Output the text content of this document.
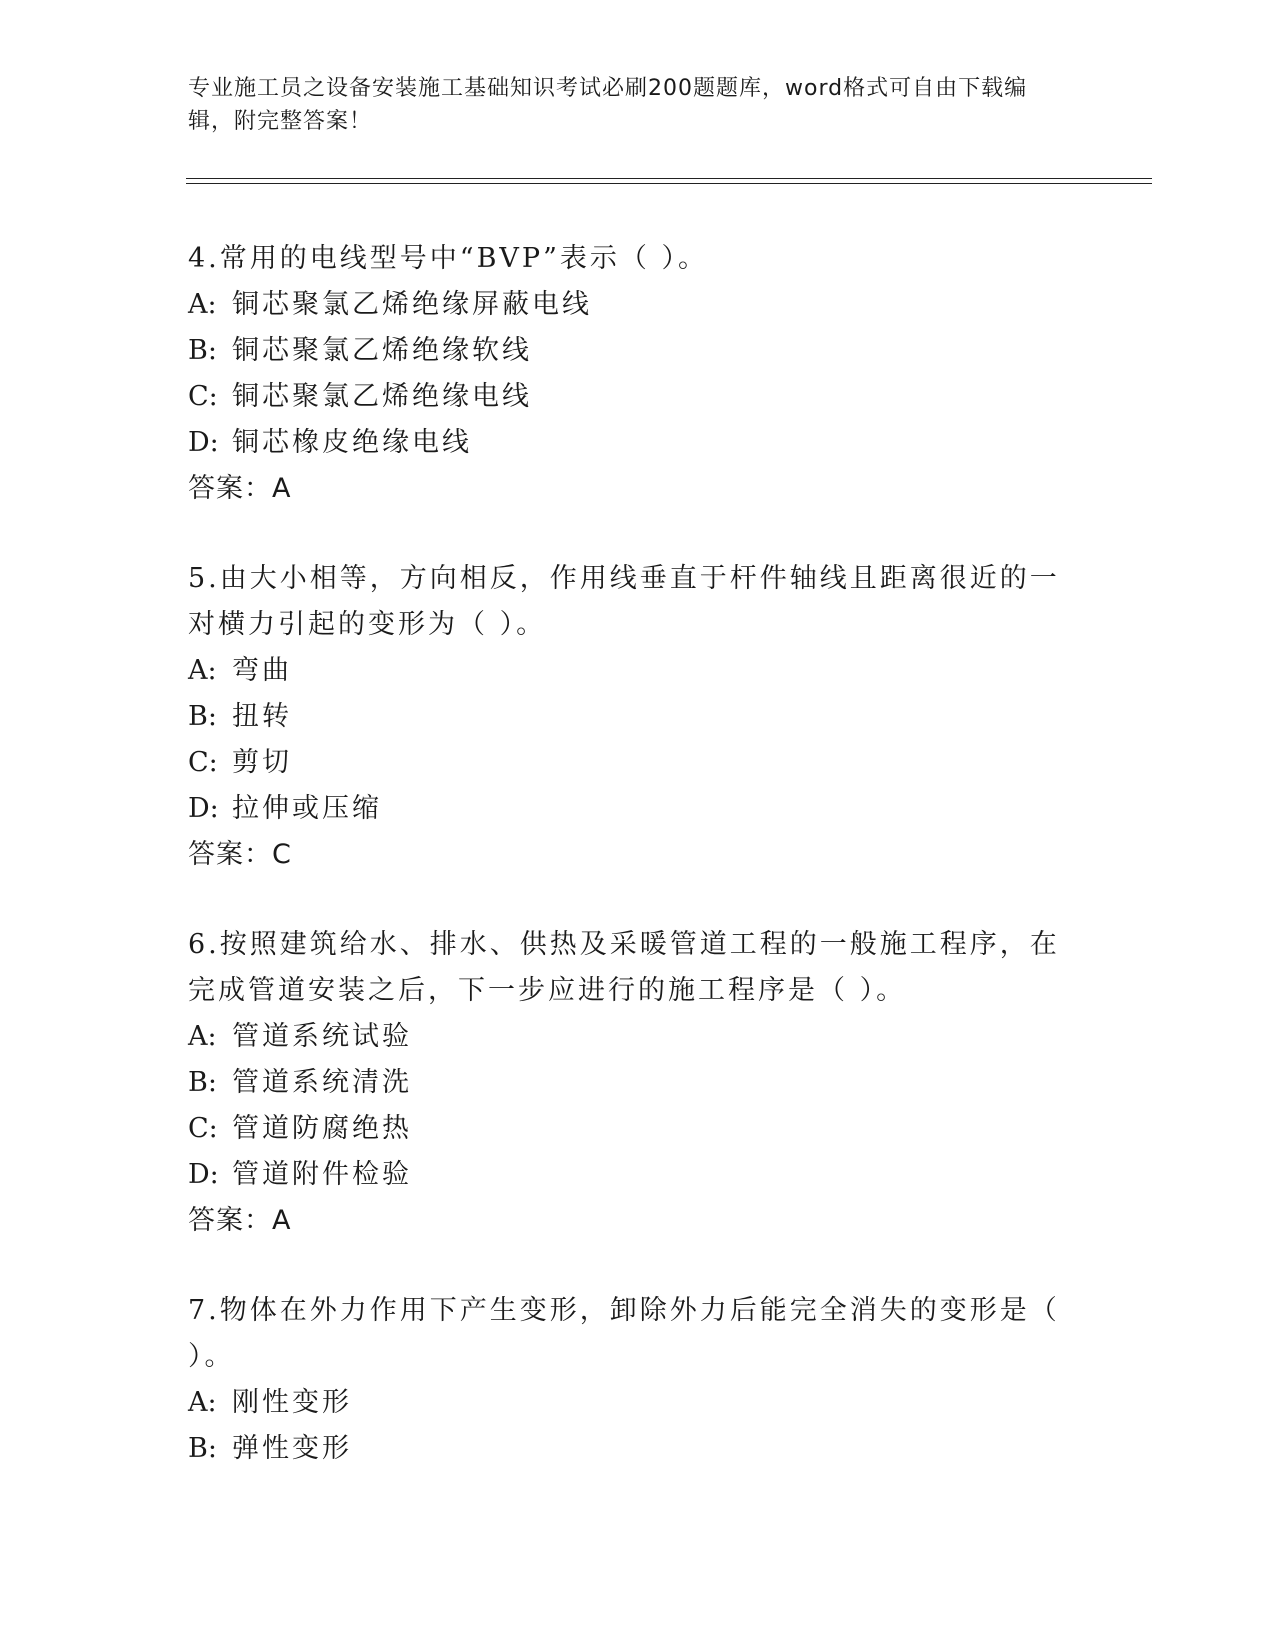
专业施工员之设备安装施工基础知识考试必刷200题题库，word格式可自由下载编辑，附完整答案！

4.常用的电线型号中“BVP”表示（ ）。

A: 铜芯聚氯乙烯绝缘屏蔽电线

B: 铜芯聚氯乙烯绝缘软线

C: 铜芯聚氯乙烯绝缘电线

D: 铜芯橡皮绝缘电线

答案：A

5.由大小相等，方向相反，作用线垂直于杆件轴线且距离很近的一对横力引起的变形为（ ）。

A: 弯曲

B: 扭转

C: 剪切

D: 拉伸或压缩

答案：C

6.按照建筑给水、排水、供热及采暖管道工程的一般施工程序，在完成管道安装之后，下一步应进行的施工程序是（ ）。

A: 管道系统试验

B: 管道系统清洗

C: 管道防腐绝热

D: 管道附件检验

答案：A

7.物体在外力作用下产生变形，卸除外力后能完全消失的变形是（ ）。

A: 刚性变形

B: 弹性变形
